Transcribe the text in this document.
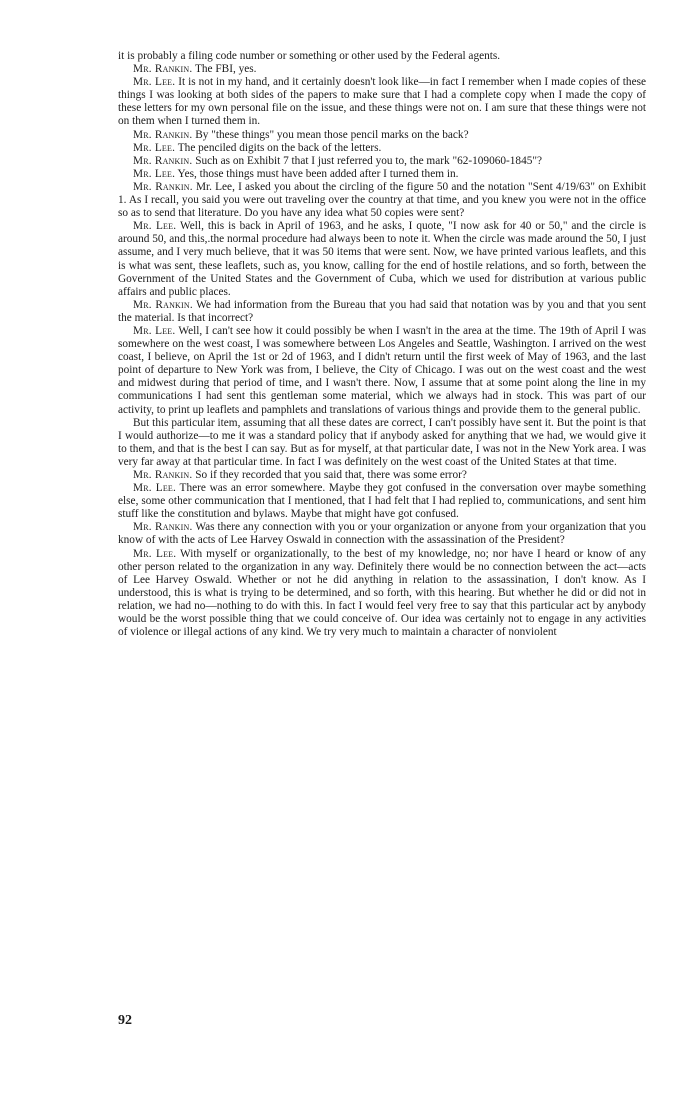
it is probably a filing code number or something or other used by the Federal agents.

Mr. Rankin. The FBI, yes.

Mr. Lee. It is not in my hand, and it certainly doesn't look like—in fact I remember when I made copies of these things I was looking at both sides of the papers to make sure that I had a complete copy when I made the copy of these letters for my own personal file on the issue, and these things were not on. I am sure that these things were not on them when I turned them in.

Mr. Rankin. By "these things" you mean those pencil marks on the back?

Mr. Lee. The penciled digits on the back of the letters.

Mr. Rankin. Such as on Exhibit 7 that I just referred you to, the mark "62-109060-1845"?

Mr. Lee. Yes, those things must have been added after I turned them in.

Mr. Rankin. Mr. Lee, I asked you about the circling of the figure 50 and the notation "Sent 4/19/63" on Exhibit 1. As I recall, you said you were out traveling over the country at that time, and you knew you were not in the office so as to send that literature. Do you have any idea what 50 copies were sent?

Mr. Lee. Well, this is back in April of 1963, and he asks, I quote, "I now ask for 40 or 50," and the circle is around 50, and this,.the normal procedure had always been to note it. When the circle was made around the 50, I just assume, and I very much believe, that it was 50 items that were sent. Now, we have printed various leaflets, and this is what was sent, these leaflets, such as, you know, calling for the end of hostile relations, and so forth, between the Government of the United States and the Government of Cuba, which we used for distribution at various public affairs and public places.

Mr. Rankin. We had information from the Bureau that you had said that notation was by you and that you sent the material. Is that incorrect?

Mr. Lee. Well, I can't see how it could possibly be when I wasn't in the area at the time. The 19th of April I was somewhere on the west coast, I was somewhere between Los Angeles and Seattle, Washington. I arrived on the west coast, I believe, on April the 1st or 2d of 1963, and I didn't return until the first week of May of 1963, and the last point of departure to New York was from, I believe, the City of Chicago. I was out on the west coast and the west and midwest during that period of time, and I wasn't there. Now, I assume that at some point along the line in my communications I had sent this gentleman some material, which we always had in stock. This was part of our activity, to print up leaflets and pamphlets and translations of various things and provide them to the general public.

But this particular item, assuming that all these dates are correct, I can't possibly have sent it. But the point is that I would authorize—to me it was a standard policy that if anybody asked for anything that we had, we would give it to them, and that is the best I can say. But as for myself, at that particular date, I was not in the New York area. I was very far away at that particular time. In fact I was definitely on the west coast of the United States at that time.

Mr. Rankin. So if they recorded that you said that, there was some error?

Mr. Lee. There was an error somewhere. Maybe they got confused in the conversation over maybe something else, some other communication that I mentioned, that I had felt that I had replied to, communications, and sent him stuff like the constitution and bylaws. Maybe that might have got confused.

Mr. Rankin. Was there any connection with you or your organization or anyone from your organization that you know of with the acts of Lee Harvey Oswald in connection with the assassination of the President?

Mr. Lee. With myself or organizationally, to the best of my knowledge, no; nor have I heard or know of any other person related to the organization in any way. Definitely there would be no connection between the act—acts of Lee Harvey Oswald. Whether or not he did anything in relation to the assassination, I don't know. As I understood, this is what is trying to be determined, and so forth, with this hearing. But whether he did or did not in relation, we had no—nothing to do with this. In fact I would feel very free to say that this particular act by anybody would be the worst possible thing that we could conceive of. Our idea was certainly not to engage in any activities of violence or illegal actions of any kind. We try very much to maintain a character of nonviolent

92
